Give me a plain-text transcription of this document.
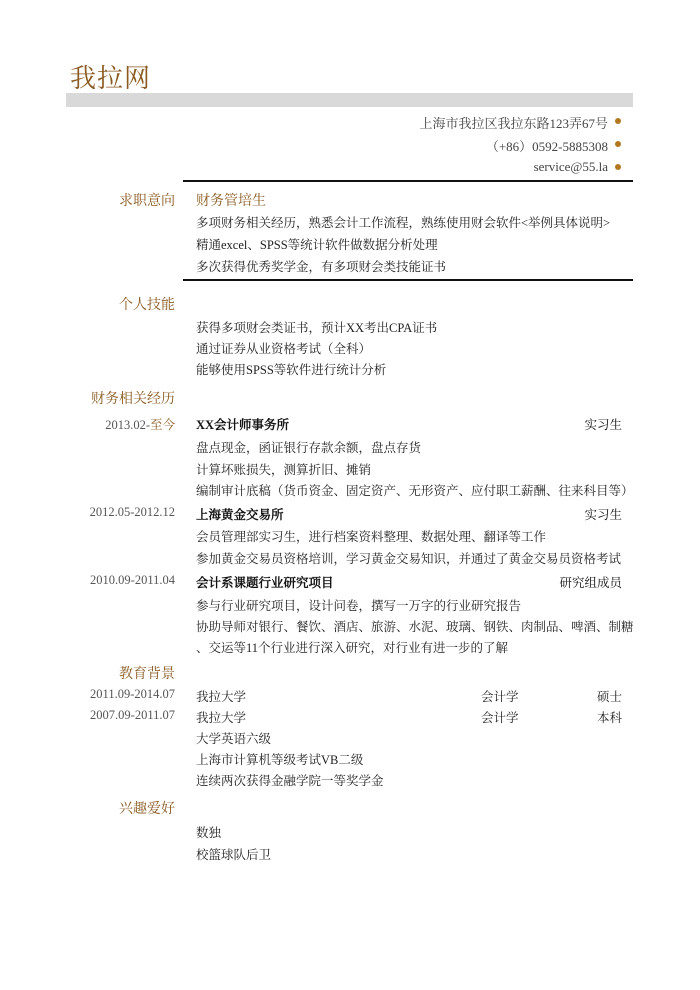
我拉网
上海市我拉区我拉东路123弄67号
（+86）0592-5885308
service@55.la
求职意向 财务管培生
多项财务相关经历，熟悉会计工作流程，熟练使用财会软件<举例具体说明>
精通excel、SPSS等统计软件做数据分析处理
多次获得优秀奖学金，有多项财会类技能证书
个人技能
获得多项财会类证书，预计XX考出CPA证书
通过证券从业资格考试（全科）
能够使用SPSS等软件进行统计分析
财务相关经历
2013.02-至今 XX会计师事务所	实习生
盘点现金，函证银行存款余额，盘点存货
计算坏账损失，测算折旧、摊销
编制审计底稿（货币资金、固定资产、无形资产、应付职工薪酬、往来科目等）
2012.05-2012.12 上海黄金交易所	实习生
会员管理部实习生，进行档案资料整理、数据处理、翻译等工作
参加黄金交易员资格培训，学习黄金交易知识，并通过了黄金交易员资格考试
2010.09-2011.04 会计系课题行业研究项目	研究组成员
参与行业研究项目，设计问卷，撰写一万字的行业研究报告
协助导师对银行、餐饮、酒店、旅游、水泥、玻璃、钢铁、肉制品、啤酒、制糖
、交运等11个行业进行深入研究，对行业有进一步的了解
教育背景
2011.09-2014.07 我拉大学	会计学	硕士
2007.09-2011.07 我拉大学	会计学	本科
大学英语六级
上海市计算机等级考试VB二级
连续两次获得金融学院一等奖学金
兴趣爱好
数独
校篮球队后卫
